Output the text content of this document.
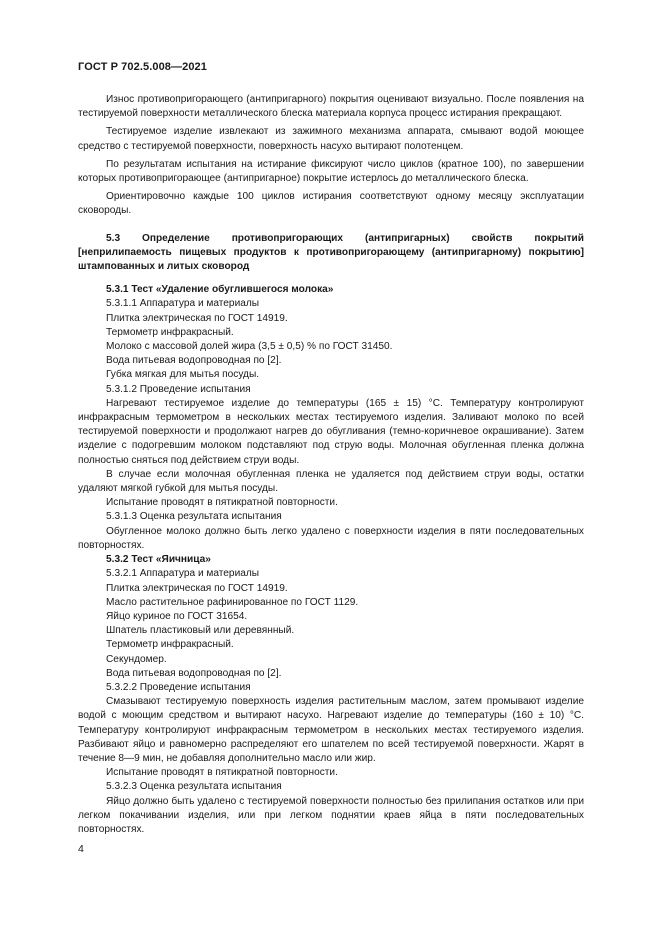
ГОСТ Р 702.5.008—2021

Износ противопригорающего (антипригарного) покрытия оценивают визуально. После появления на тестируемой поверхности металлического блеска материала корпуса процесс истирания прекращают.

Тестируемое изделие извлекают из зажимного механизма аппарата, смывают водой моющее средство с тестируемой поверхности, поверхность насухо вытирают полотенцем.

По результатам испытания на истирание фиксируют число циклов (кратное 100), по завершении которых противопригорающее (антипригарное) покрытие истерлось до металлического блеска.

Ориентировочно каждые 100 циклов истирания соответствуют одному месяцу эксплуатации сковороды.

5.3 Определение противопригорающих (антипригарных) свойств покрытий [неприлипаемость пищевых продуктов к противопригорающему (антипригарному) покрытию] штампованных и литых сковород

5.3.1 Тест «Удаление обуглившегося молока»

5.3.1.1 Аппаратура и материалы

Плитка электрическая по ГОСТ 14919.

Термометр инфракрасный.

Молоко с массовой долей жира (3,5 ± 0,5) % по ГОСТ 31450.

Вода питьевая водопроводная по [2].

Губка мягкая для мытья посуды.

5.3.1.2 Проведение испытания

Нагревают тестируемое изделие до температуры (165 ± 15) °C. Температуру контролируют инфракрасным термометром в нескольких местах тестируемого изделия. Заливают молоко по всей тестируемой поверхности и продолжают нагрев до обугливания (темно-коричневое окрашивание). Затем изделие с подогревшим молоком подставляют под струю воды. Молочная обугленная пленка должна полностью сняться под действием струи воды.

В случае если молочная обугленная пленка не удаляется под действием струи воды, остатки удаляют мягкой губкой для мытья посуды.

Испытание проводят в пятикратной повторности.

5.3.1.3 Оценка результата испытания

Обугленное молоко должно быть легко удалено с поверхности изделия в пяти последовательных повторностях.

5.3.2 Тест «Яичница»

5.3.2.1 Аппаратура и материалы

Плитка электрическая по ГОСТ 14919.

Масло растительное рафинированное по ГОСТ 1129.

Яйцо куриное по ГОСТ 31654.

Шпатель пластиковый или деревянный.

Термометр инфракрасный.

Секундомер.

Вода питьевая водопроводная по [2].

5.3.2.2 Проведение испытания

Смазывают тестируемую поверхность изделия растительным маслом, затем промывают изделие водой с моющим средством и вытирают насухо. Нагревают изделие до температуры (160 ± 10) °C. Температуру контролируют инфракрасным термометром в нескольких местах тестируемого изделия. Разбивают яйцо и равномерно распределяют его шпателем по всей тестируемой поверхности. Жарят в течение 8—9 мин, не добавляя дополнительно масло или жир.

Испытание проводят в пятикратной повторности.

5.3.2.3 Оценка результата испытания

Яйцо должно быть удалено с тестируемой поверхности полностью без прилипания остатков или при легком покачивании изделия, или при легком поднятии краев яйца в пяти последовательных повторностях.

4
